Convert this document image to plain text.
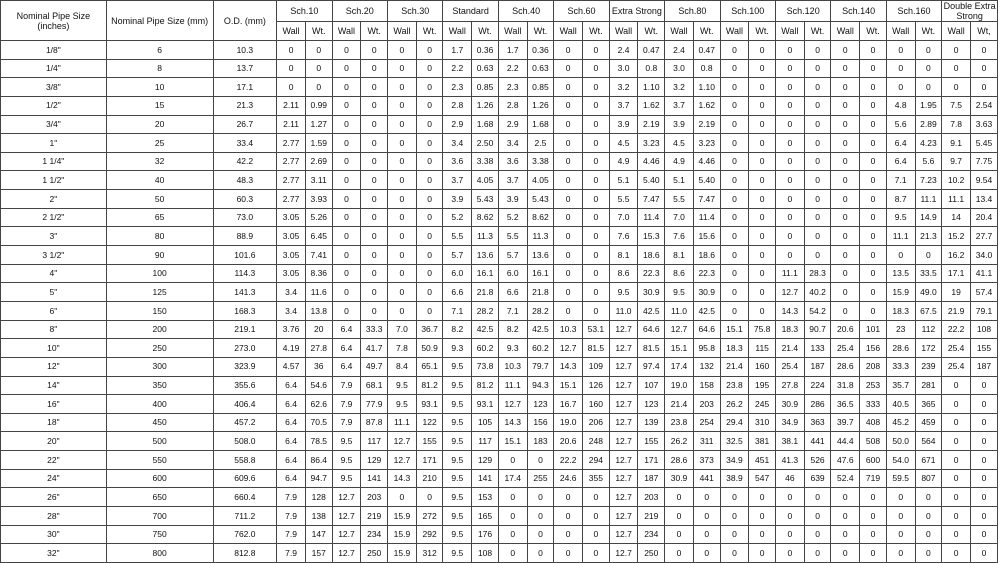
Nominal Pipe Size (inches)	Nominal Pipe Size (mm)	O.D. (mm)	Sch.10		Sch.20		Sch.30		Standard		Sch.40		Sch.60		Extra Strong		Sch.80		Sch.100		Sch.120		Sch.140		Sch.160		Double Extra Strong	
			Wall	Wt.	Wall	Wt.	Wall	Wt.	Wall	Wt.	Wall	Wt.	Wall	Wt.	Wall	Wt.	Wall	Wt.	Wall	Wt.	Wall	Wt.	Wall	Wt.	Wall	Wt.	Wall	Wt,
1/8"	6	10.3	0	0	0	0	0	0	1.7	0.36	1.7	0.36	0	0	2.4	0.47	2.4	0.47	0	0	0	0	0	0	0	0	0	0
1/4"	8	13.7	0	0	0	0	0	0	2.2	0.63	2.2	0.63	0	0	3.0	0.8	3.0	0.8	0	0	0	0	0	0	0	0	0	0
3/8"	10	17.1	0	0	0	0	0	0	2.3	0.85	2.3	0.85	0	0	3.2	1.10	3.2	1.10	0	0	0	0	0	0	0	0	0	0
1/2"	15	21.3	2.11	0.99	0	0	0	0	2.8	1.26	2.8	1.26	0	0	3.7	1.62	3.7	1.62	0	0	0	0	0	0	4.8	1.95	7.5	2.54
3/4"	20	26.7	2.11	1.27	0	0	0	0	2.9	1.68	2.9	1.68	0	0	3.9	2.19	3.9	2.19	0	0	0	0	0	0	5.6	2.89	7.8	3.63
1"	25	33.4	2.77	1.59	0	0	0	0	3.4	2.50	3.4	2.5	0	0	4.5	3.23	4.5	3.23	0	0	0	0	0	0	6.4	4.23	9.1	5.45
1 1/4"	32	42.2	2.77	2.69	0	0	0	0	3.6	3.38	3.6	3.38	0	0	4.9	4.46	4.9	4.46	0	0	0	0	0	0	6.4	5.6	9.7	7.75
1 1/2"	40	48.3	2.77	3.11	0	0	0	0	3.7	4.05	3.7	4.05	0	0	5.1	5.40	5.1	5.40	0	0	0	0	0	0	7.1	7.23	10.2	9.54
2"	50	60.3	2.77	3.93	0	0	0	0	3.9	5.43	3.9	5.43	0	0	5.5	7.47	5.5	7.47	0	0	0	0	0	0	8.7	11.1	11.1	13.4
2 1/2"	65	73.0	3.05	5.26	0	0	0	0	5.2	8.62	5.2	8.62	0	0	7.0	11.4	7.0	11.4	0	0	0	0	0	0	9.5	14.9	14	20.4
3"	80	88.9	3.05	6.45	0	0	0	0	5.5	11.3	5.5	11.3	0	0	7.6	15.3	7.6	15.6	0	0	0	0	0	0	11.1	21.3	15.2	27.7
3 1/2"	90	101.6	3.05	7.41	0	0	0	0	5.7	13.6	5.7	13.6	0	0	8.1	18.6	8.1	18.6	0	0	0	0	0	0	0	0	16.2	34.0
4"	100	114.3	3.05	8.36	0	0	0	0	6.0	16.1	6.0	16.1	0	0	8.6	22.3	8.6	22.3	0	0	11.1	28.3	0	0	13.5	33.5	17.1	41.1
5"	125	141.3	3.4	11.6	0	0	0	0	6.6	21.8	6.6	21.8	0	0	9.5	30.9	9.5	30.9	0	0	12.7	40.2	0	0	15.9	49.0	19	57.4
6"	150	168.3	3.4	13.8	0	0	0	0	7.1	28.2	7.1	28.2	0	0	11.0	42.5	11.0	42.5	0	0	14.3	54.2	0	0	18.3	67.5	21.9	79.1
8"	200	219.1	3.76	20	6.4	33.3	7.0	36.7	8.2	42.5	8.2	42.5	10.3	53.1	12.7	64.6	12.7	64.6	15.1	75.8	18.3	90.7	20.6	101	23	112	22.2	108
10"	250	273.0	4.19	27.8	6.4	41.7	7.8	50.9	9.3	60.2	9.3	60.2	12.7	81.5	12.7	81.5	15.1	95.8	18.3	115	21.4	133	25.4	156	28.6	172	25.4	155
12"	300	323.9	4.57	36	6.4	49.7	8.4	65.1	9.5	73.8	10.3	79.7	14.3	109	12.7	97.4	17.4	132	21.4	160	25.4	187	28.6	208	33.3	239	25.4	187
14"	350	355.6	6.4	54.6	7.9	68.1	9.5	81.2	9.5	81.2	11.1	94.3	15.1	126	12.7	107	19.0	158	23.8	195	27.8	224	31.8	253	35.7	281	0	0
16"	400	406.4	6.4	62.6	7.9	77.9	9.5	93.1	9.5	93.1	12.7	123	16.7	160	12.7	123	21.4	203	26.2	245	30.9	286	36.5	333	40.5	365	0	0
18"	450	457.2	6.4	70.5	7.9	87.8	11.1	122	9.5	105	14.3	156	19.0	206	12.7	139	23.8	254	29.4	310	34.9	363	39.7	408	45.2	459	0	0
20"	500	508.0	6.4	78.5	9.5	117	12.7	155	9.5	117	15.1	183	20.6	248	12.7	155	26.2	311	32.5	381	38.1	441	44.4	508	50.0	564	0	0
22"	550	558.8	6.4	86.4	9.5	129	12.7	171	9.5	129	0	0	22.2	294	12.7	171	28.6	373	34.9	451	41.3	526	47.6	600	54.0	671	0	0
24"	600	609.6	6.4	94.7	9.5	141	14.3	210	9.5	141	17.4	255	24.6	355	12.7	187	30.9	441	38.9	547	46	639	52.4	719	59.5	807	0	0
26"	650	660.4	7.9	128	12.7	203	0	0	9.5	153	0	0	0	0	12.7	203	0	0	0	0	0	0	0	0	0	0	0	0
28"	700	711.2	7.9	138	12.7	219	15.9	272	9.5	165	0	0	0	0	12.7	219	0	0	0	0	0	0	0	0	0	0	0	0
30"	750	762.0	7.9	147	12.7	234	15.9	292	9.5	176	0	0	0	0	12.7	234	0	0	0	0	0	0	0	0	0	0	0	0
32"	800	812.8	7.9	157	12.7	250	15.9	312	9.5	108	0	0	0	0	12.7	250	0	0	0	0	0	0	0	0	0	0	0	0
